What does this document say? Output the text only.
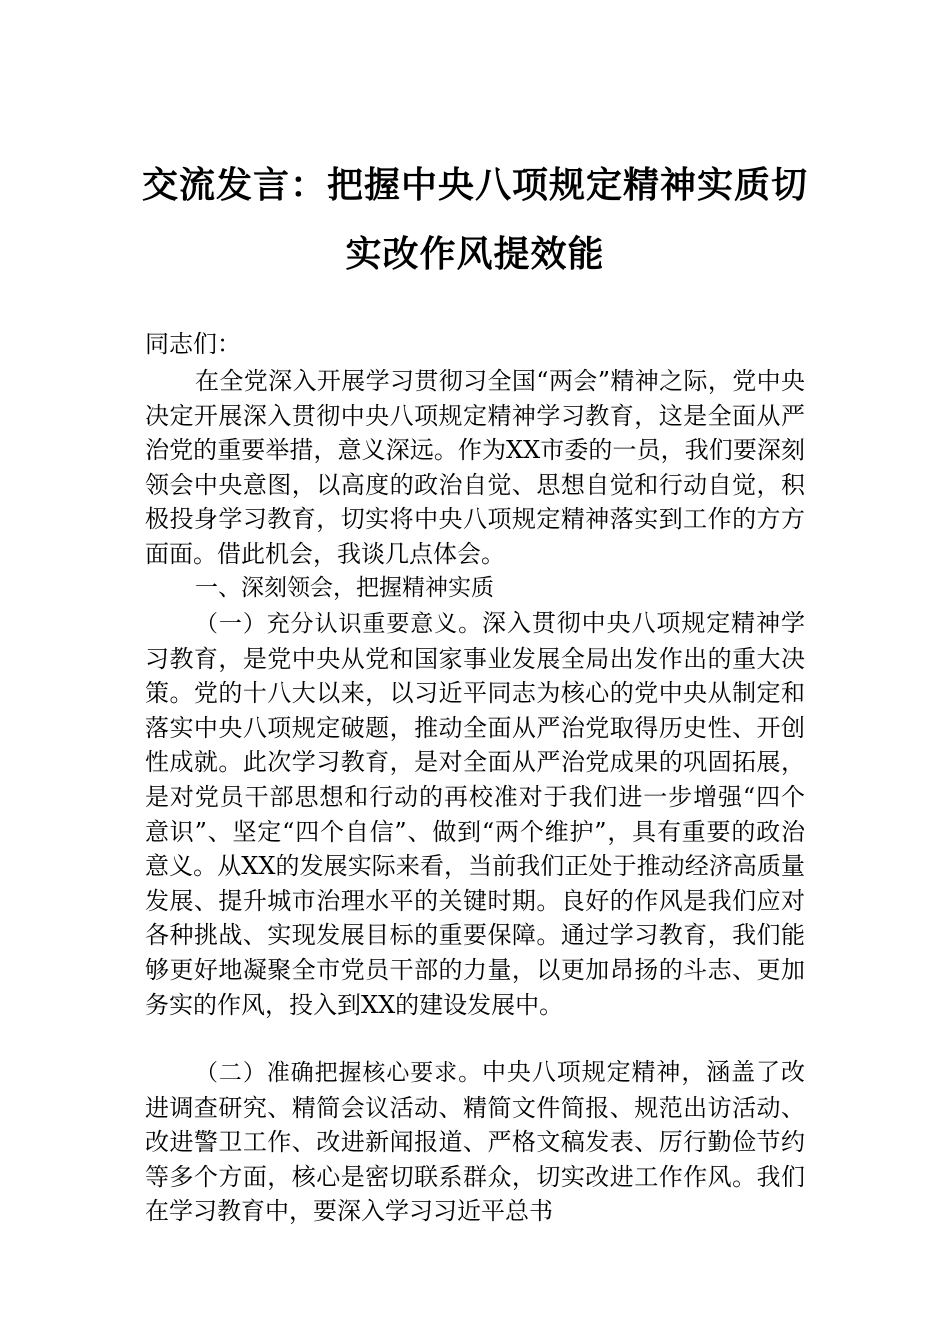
交流发言：把握中央八项规定精神实质切
实改作风提效能
同志们：
在全党深入开展学习贯彻习全国“两会”精神之际，党中央决定开展深入贯彻中央八项规定精神学习教育，这是全面从严治党的重要举措，意义深远。作为XX市委的一员，我们要深刻领会中央意图，以高度的政治自觉、思想自觉和行动自觉，积极投身学习教育，切实将中央八项规定精神落实到工作的方方面面。借此机会，我谈几点体会。
一、深刻领会，把握精神实质
（一）充分认识重要意义。深入贯彻中央八项规定精神学习教育，是党中央从党和国家事业发展全局出发作出的重大决策。党的十八大以来，以习近平同志为核心的党中央从制定和落实中央八项规定破题，推动全面从严治党取得历史性、开创性成就。此次学习教育，是对全面从严治党成果的巩固拓展，是对党员干部思想和行动的再校准对于我们进一步增强“四个意识”、坚定“四个自信”、做到“两个维护”，具有重要的政治意义。从XX的发展实际来看，当前我们正处于推动经济高质量发展、提升城市治理水平的关键时期。良好的作风是我们应对各种挑战、实现发展目标的重要保障。通过学习教育，我们能够更好地凝聚全市党员干部的力量，以更加昂扬的斗志、更加务实的作风，投入到XX的建设发展中。
（二）准确把握核心要求。中央八项规定精神，涵盖了改进调查研究、精简会议活动、精简文件简报、规范出访活动、改进警卫工作、改进新闻报道、严格文稿发表、厉行勤俭节约等多个方面，核心是密切联系群众，切实改进工作作风。我们在学习教育中，要深入学习习近平总书
